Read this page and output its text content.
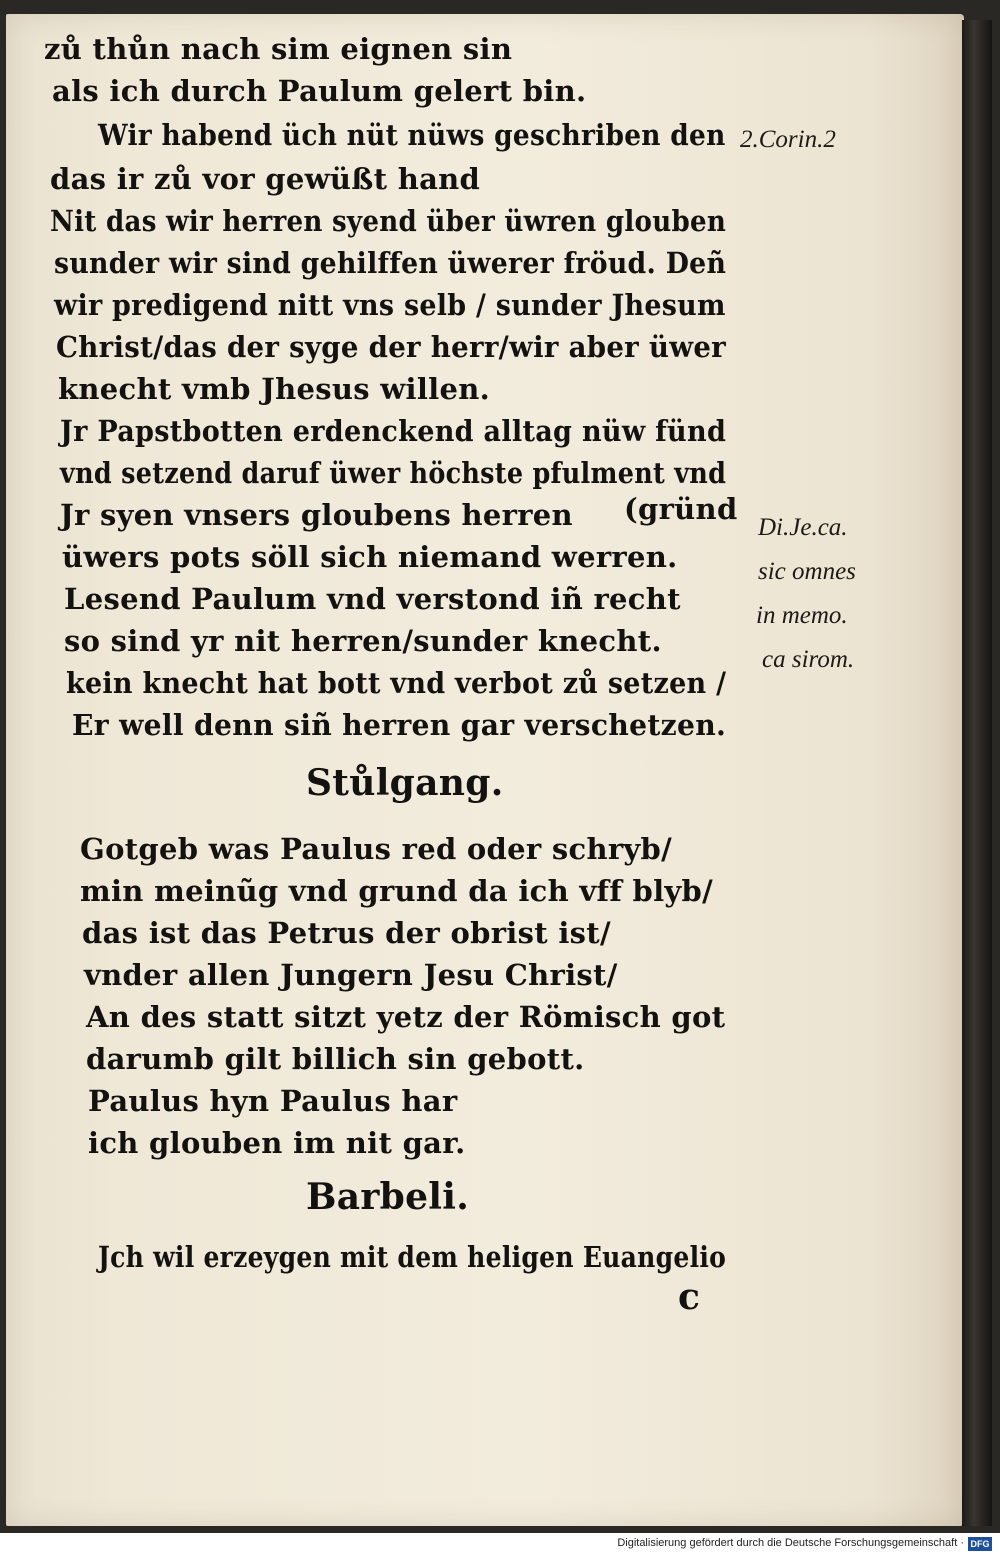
zů thůn nach sim eignen sin
als ich durch Paulum gelert bin.
Wir habend üch nüt nüws geschriben den
das ir zů vor gewüßt hand
Nit das wir herren syend über üwren glouben
sunder wir sind gehilffen üwerer fröud. Deñ
wir predigend nitt vns selb / sunder Jhesum
Christ/das der syge der herr/wir aber üwer
knecht vmb Jhesus willen.
Jr Papstbotten erdenckend alltag nüw fünd
vnd setzend daruf üwer höchste pfulment vnd
Jr syen vnsers gloubens herren (gründ
üwers pots söll sich niemand werren.
Lesend Paulum vnd verstond iñ recht
so sind yr nit herren/sunder knecht.
kein knecht hat bott vnd verbot zů setzen /
Er well denn siñ herren gar verschetzen.
2.Corin.2
Di.Je.ca.
sic omnes
in memo.
ca sirom.
Stůlgang.
Gotgeb was Paulus red oder schryb/
min meinũg vnd grund da ich vff blyb/
das ist das Petrus der obrist ist/
vnder allen Jungern Jesu Christ/
An des statt sitzt yetz der Römisch got
darumb gilt billich sin gebott.
Paulus hyn Paulus har
ich glouben im nit gar.
Barbeli.
Jch wil erzeygen mit dem heligen Euangelio
c
Digitalisierung gefördert durch die Deutsche Forschungsgemeinschaft · DFG
